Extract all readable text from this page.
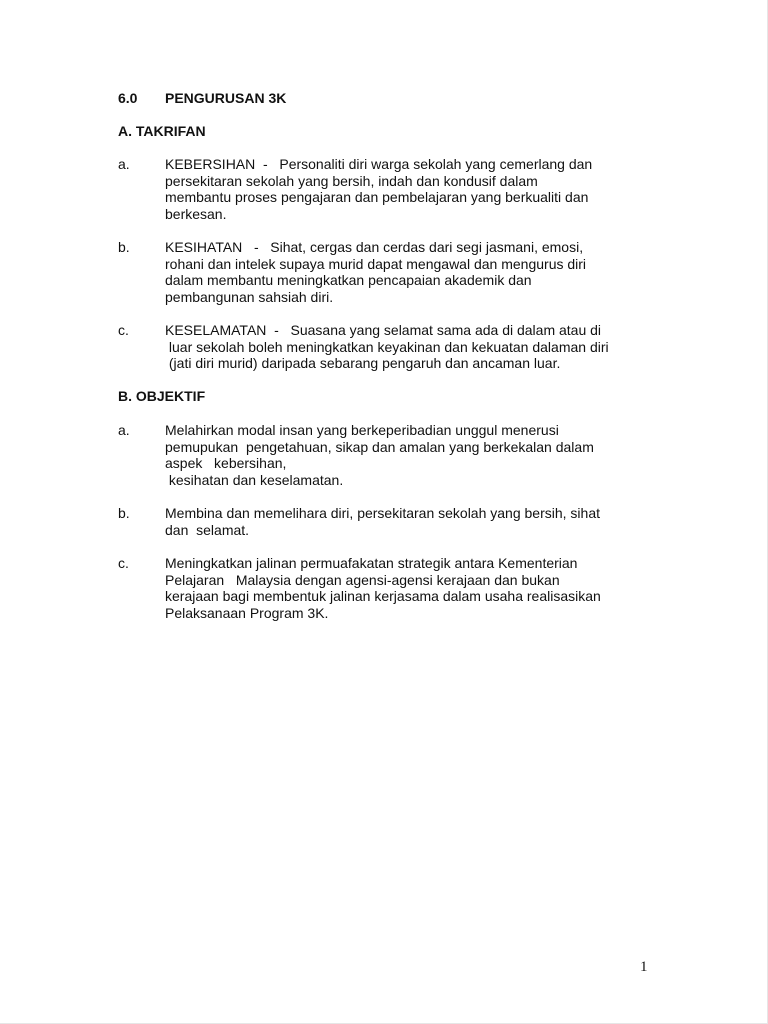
6.0 PENGURUSAN 3K
A. TAKRIFAN
a.	KEBERSIHAN  -   Personaliti diri warga sekolah yang cemerlang dan
persekitaran sekolah yang bersih, indah dan kondusif dalam
membantu proses pengajaran dan pembelajaran yang berkualiti dan
berkesan.
b.	KESIHATAN   -   Sihat, cergas dan cerdas dari segi jasmani, emosi,
rohani dan intelek supaya murid dapat mengawal dan mengurus diri
dalam membantu meningkatkan pencapaian akademik dan
pembangunan sahsiah diri.
c.	KESELAMATAN  -   Suasana yang selamat sama ada di dalam atau di
luar sekolah boleh meningkatkan keyakinan dan kekuatan dalaman diri
(jati diri murid) daripada sebarang pengaruh dan ancaman luar.
B. OBJEKTIF
a.	Melahirkan modal insan yang berkeperibadian unggul menerusi
pemupukan  pengetahuan, sikap dan amalan yang berkekalan dalam
aspek   kebersihan,
kesihatan dan keselamatan.
b.	Membina dan memelihara diri, persekitaran sekolah yang bersih, sihat
dan  selamat.
c.	Meningkatkan jalinan permuafakatan strategik antara Kementerian
Pelajaran   Malaysia dengan agensi-agensi kerajaan dan bukan
kerajaan bagi membentuk jalinan kerjasama dalam usaha realisasikan
Pelaksanaan Program 3K.
1
